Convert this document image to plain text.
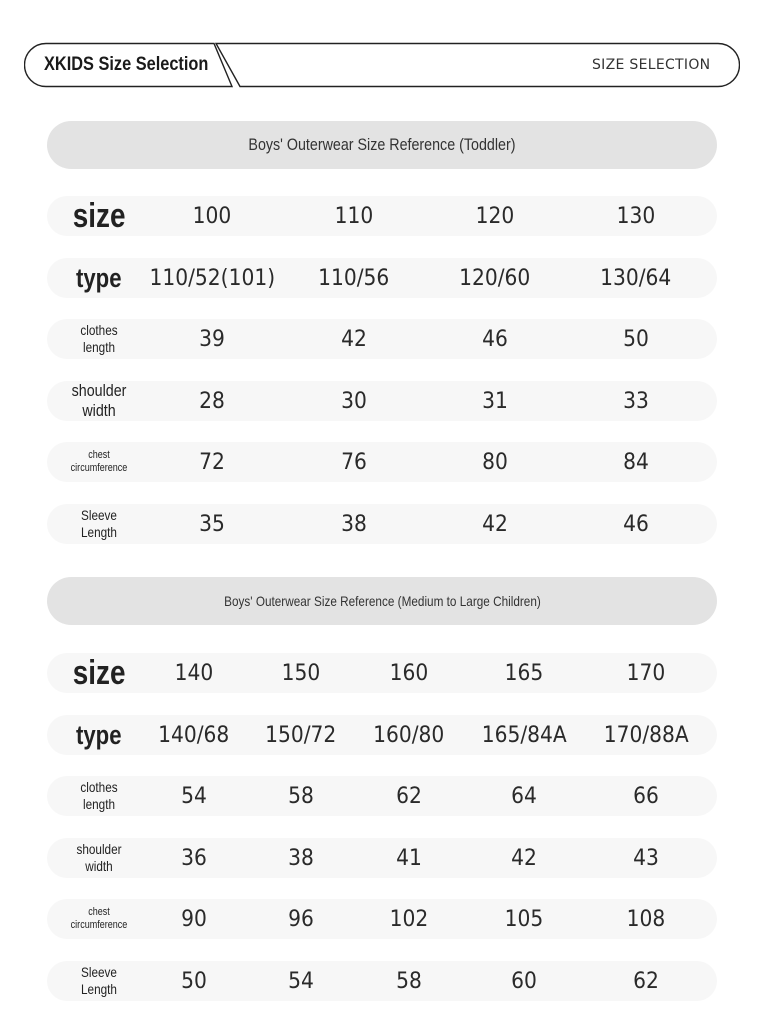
XKIDS Size Selection	SIZE SELECTION
Boys' Outerwear Size Reference (Toddler)
size	100	110	120	130
type 110/52(101) 110/56	120/60	130/64
clothes length	39	42	46	50
shoulder width	28	30	31	33
chest circumference	72	76	80	84
Sleeve Length	35	38	42	46
Boys' Outerwear Size Reference (Medium to Large Children)
size 140	150	160	165	170
type 140/68 150/72 160/80 165/84A 170/88A
clothes length	54	58	62	64	66
shoulder width	36	38	41	42	43
chest circumference	90	96	102	105	108
Sleeve Length	50	54	58	60	62
